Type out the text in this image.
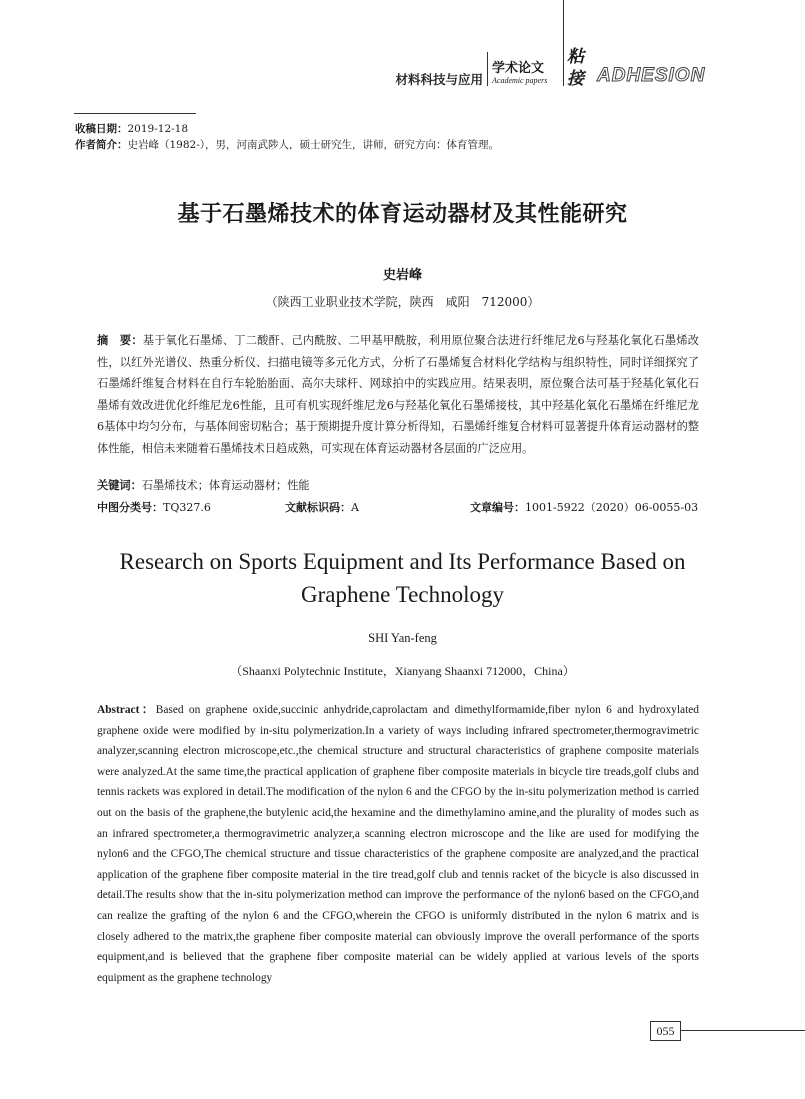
材料科技与应用
学术论文
Academic papers
粘
接 ADHESION
收稿日期：2019-12-18
作者简介：史岩峰（1982-），男，河南武陟人，硕士研究生，讲师，研究方向：体育管理。
基于石墨烯技术的体育运动器材及其性能研究
史岩峰
（陕西工业职业技术学院，陕西　咸阳　712000）
摘　要：基于氧化石墨烯、丁二酸酐、己内酰胺、二甲基甲酰胺，利用原位聚合法进行纤维尼龙6与羟基化氧化石墨烯改性，以红外光谱仪、热重分析仪、扫描电镜等多元化方式，分析了石墨烯复合材料化学结构与组织特性，同时详细探究了石墨烯纤维复合材料在自行车轮胎胎面、高尔夫球杆、网球拍中的实践应用。结果表明，原位聚合法可基于羟基化氧化石墨烯有效改进优化纤维尼龙6性能，且可有机实现纤维尼龙6与羟基化氧化石墨烯接枝，其中羟基化氧化石墨烯在纤维尼龙6基体中均匀分布，与基体间密切粘合；基于预期提升度计算分析得知，石墨烯纤维复合材料可显著提升体育运动器材的整体性能，相信未来随着石墨烯技术日趋成熟，可实现在体育运动器材各层面的广泛应用。
关键词：石墨烯技术；体育运动器材；性能
中图分类号：TQ327.6	文献标识码：A	文章编号：1001-5922（2020）06-0055-03
Research on Sports Equipment and Its Performance Based on
Graphene Technology
SHI Yan-feng
（Shaanxi Polytechnic Institute，Xianyang Shaanxi 712000，China）
Abstract：Based on graphene oxide,succinic anhydride,caprolactam and dimethylformamide,fiber nylon 6 and hydroxylated graphene oxide were modified by in-situ polymerization.In a variety of ways including infrared spectrometer,thermogravimetric analyzer,scanning electron microscope,etc.,the chemical structure and structural characteristics of graphene composite materials were analyzed.At the same time,the practical application of graphene fiber composite materials in bicycle tire treads,golf clubs and tennis rackets was explored in detail.The modification of the nylon 6 and the CFGO by the in-situ polymerization method is carried out on the basis of the graphene,the butylenic acid,the hexamine and the dimethylamino amine,and the plurality of modes such as an infrared spectrometer,a thermogravimetric analyzer,a scanning electron microscope and the like are used for modifying the nylon6 and the CFGO,The chemical structure and tissue characteristics of the graphene composite are analyzed,and the practical application of the graphene fiber composite material in the tire tread,golf club and tennis racket of the bicycle is also discussed in detail.The results show that the in-situ polymerization method can improve the performance of the nylon6 based on the CFGO,and can realize the grafting of the nylon 6 and the CFGO,wherein the CFGO is uniformly distributed in the nylon 6 matrix and is closely adhered to the matrix,the graphene fiber composite material can obviously improve the overall performance of the sports equipment,and is believed that the graphene fiber composite material can be widely applied at various levels of the sports equipment as the graphene technology
055
